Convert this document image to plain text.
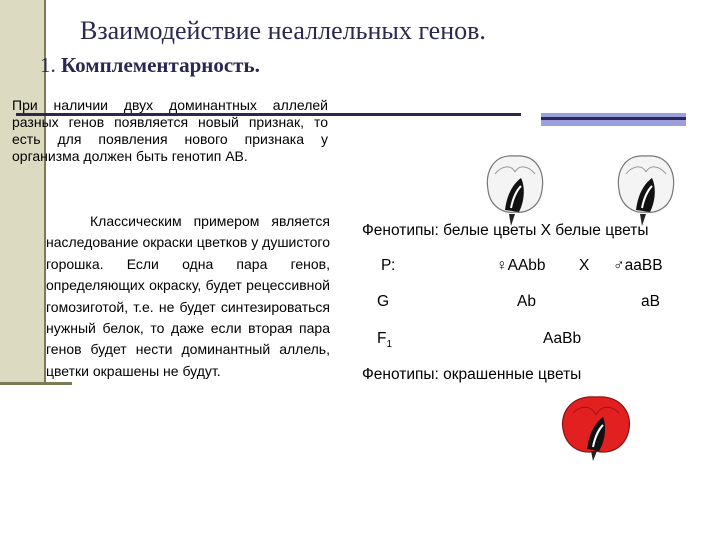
Взаимодействие неаллельных генов.
1. Комплементарность.
При наличии двух доминантных аллелей разных генов появляется новый признак, то есть для появления нового признака у организма должен быть генотип АВ.
Классическим примером является наследование окраски цветков у душистого горошка. Если одна пара генов, определяющих окраску, будет рецессивной гомозиготой, т.е. не будет синтезироваться нужный белок, то даже если вторая пара генов будет нести доминантный аллель, цветки окрашены не будут.
Фенотипы: белые цветы Х белые цветы
Р:	♀ААbb Х ♂ааВВ
G	Аb	аВ
$F_1$	АаВb
Фенотипы: окрашенные цветы
